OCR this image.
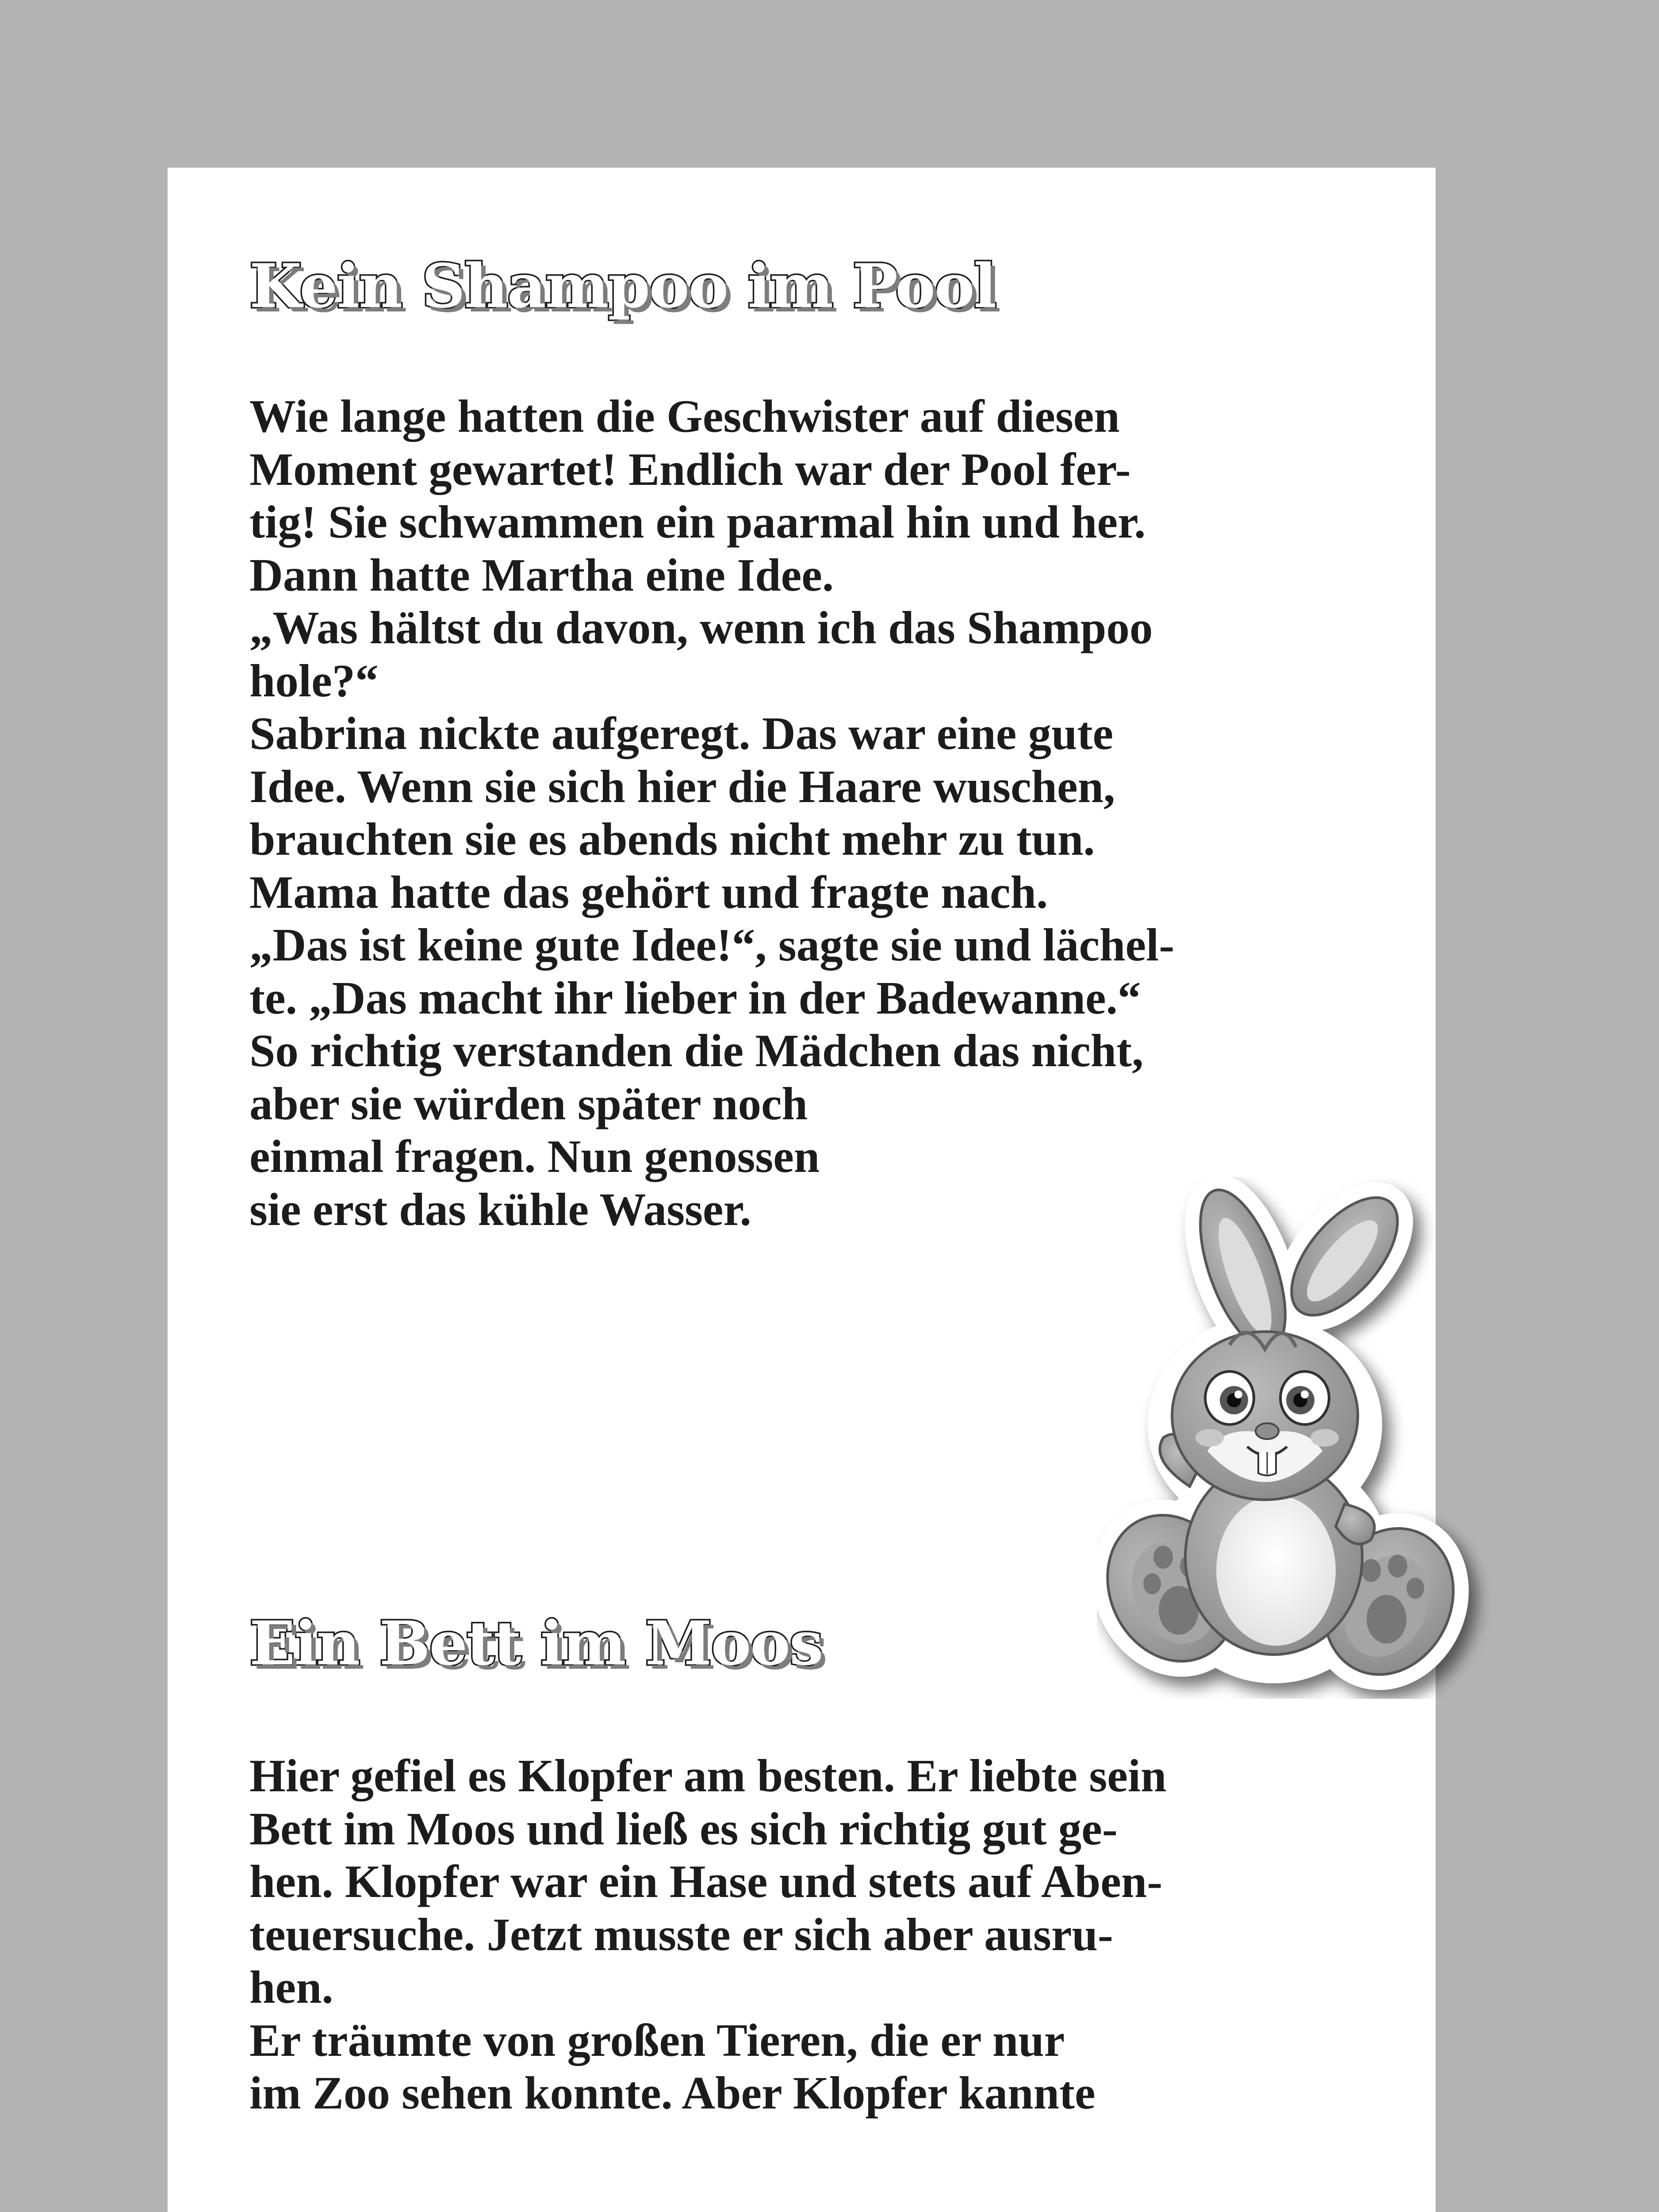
Kein Shampoo im Pool
Wie lange hatten die Geschwister auf diesen
Moment gewartet! Endlich war der Pool fer-
tig! Sie schwammen ein paarmal hin und her.
Dann hatte Martha eine Idee.
„Was hältst du davon, wenn ich das Shampoo
hole?“
Sabrina nickte aufgeregt. Das war eine gute
Idee. Wenn sie sich hier die Haare wuschen,
brauchten sie es abends nicht mehr zu tun.
Mama hatte das gehört und fragte nach.
„Das ist keine gute Idee!“, sagte sie und lächel-
te. „Das macht ihr lieber in der Badewanne.“
So richtig verstanden die Mädchen das nicht,
aber sie würden später noch
einmal fragen. Nun genossen
sie erst das kühle Wasser.
Ein Bett im Moos
Hier gefiel es Klopfer am besten. Er liebte sein
Bett im Moos und ließ es sich richtig gut ge-
hen. Klopfer war ein Hase und stets auf Aben-
teuersuche. Jetzt musste er sich aber ausru-
hen.
Er träumte von großen Tieren, die er nur
im Zoo sehen konnte. Aber Klopfer kannte
